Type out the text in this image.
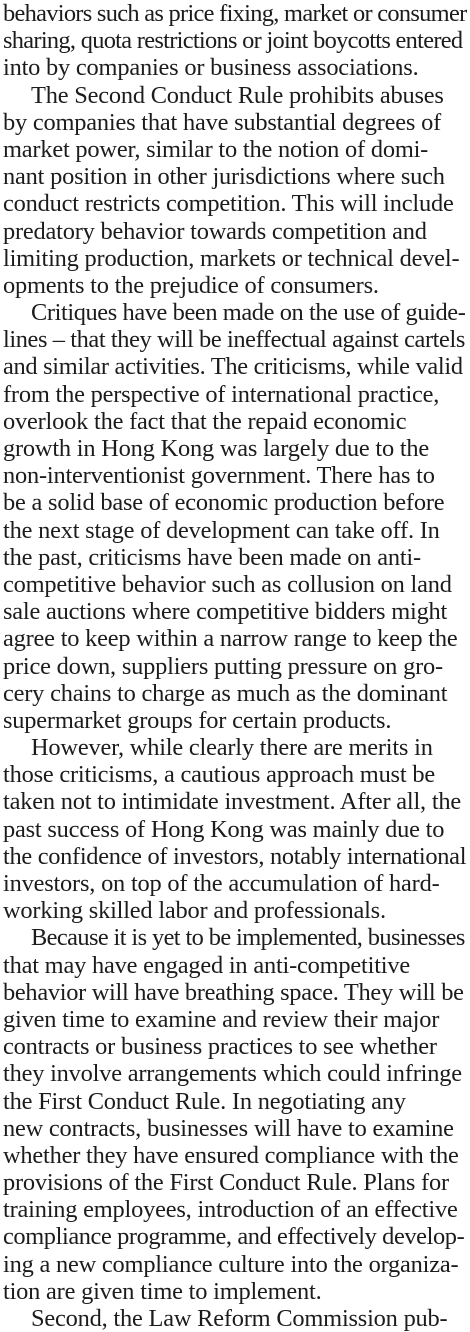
behaviors such as price fixing, market or consumer
sharing, quota restrictions or joint boycotts entered
into by companies or business associations.
The Second Conduct Rule prohibits abuses
by companies that have substantial degrees of
market power, similar to the notion of domi-
nant position in other jurisdictions where such
conduct restricts competition. This will include
predatory behavior towards competition and
limiting production, markets or technical devel-
opments to the prejudice of consumers.
Critiques have been made on the use of guide-
lines – that they will be ineffectual against cartels
and similar activities. The criticisms, while valid
from the perspective of international practice,
overlook the fact that the repaid economic
growth in Hong Kong was largely due to the
non-interventionist government. There has to
be a solid base of economic production before
the next stage of development can take off. In
the past, criticisms have been made on anti-
competitive behavior such as collusion on land
sale auctions where competitive bidders might
agree to keep within a narrow range to keep the
price down, suppliers putting pressure on gro-
cery chains to charge as much as the dominant
supermarket groups for certain products.
However, while clearly there are merits in
those criticisms, a cautious approach must be
taken not to intimidate investment. After all, the
past success of Hong Kong was mainly due to
the confidence of investors, notably international
investors, on top of the accumulation of hard-
working skilled labor and professionals.
Because it is yet to be implemented, businesses
that may have engaged in anti-competitive
behavior will have breathing space. They will be
given time to examine and review their major
contracts or business practices to see whether
they involve arrangements which could infringe
the First Conduct Rule. In negotiating any
new contracts, businesses will have to examine
whether they have ensured compliance with the
provisions of the First Conduct Rule. Plans for
training employees, introduction of an effective
compliance programme, and effectively develop-
ing a new compliance culture into the organiza-
tion are given time to implement.
Second, the Law Reform Commission pub-
